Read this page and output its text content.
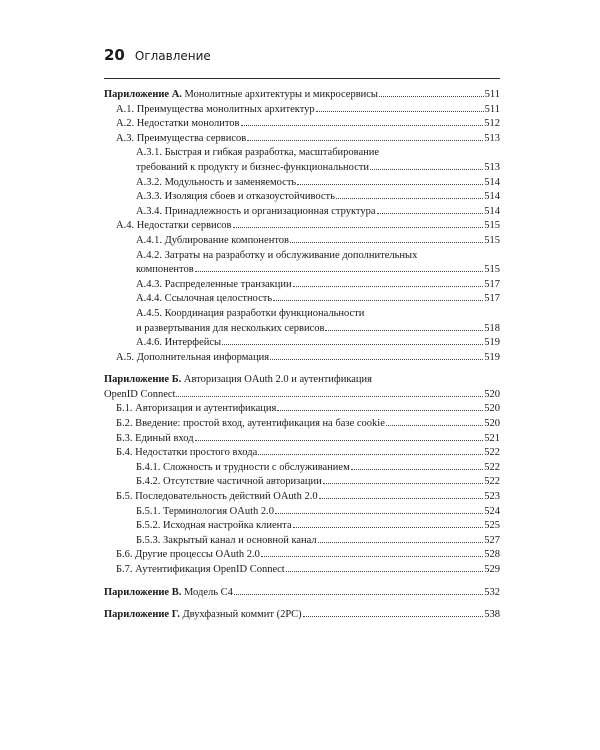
20 Оглавление
Париложение А. Монолитные архитектуры и микросервисы	511
А.1. Преимущества монолитных архитектур	511
А.2. Недостатки монолитов	512
А.3. Преимущества сервисов	513
А.3.1. Быстрая и гибкая разработка, масштабирование
требований к продукту и бизнес-функциональности	513
А.3.2. Модульность и заменяемость	514
А.3.3. Изоляция сбоев и отказоустойчивость	514
А.3.4. Принадлежность и организационная структура	514
А.4. Недостатки сервисов	515
А.4.1. Дублирование компонентов	515
А.4.2. Затраты на разработку и обслуживание дополнительных
компонентов	515
А.4.3. Распределенные транзакции	517
А.4.4. Ссылочная целостность	517
А.4.5. Координация разработки функциональности
и развертывания для нескольких сервисов	518
А.4.6. Интерфейсы	519
А.5. Дополнительная информация	519
Париложение Б. Авторизация OAuth 2.0 и аутентификация
OpenID Connect	520
Б.1. Авторизация и аутентификация	520
Б.2. Введение: простой вход, аутентификация на базе cookie	520
Б.3. Единый вход	521
Б.4. Недостатки простого входа	522
Б.4.1. Сложность и трудности с обслуживанием	522
Б.4.2. Отсутствие частичной авторизации	522
Б.5. Последовательность действий OAuth 2.0	523
Б.5.1. Терминология OAuth 2.0	524
Б.5.2. Исходная настройка клиента	525
Б.5.3. Закрытый канал и основной канал	527
Б.6. Другие процессы OAuth 2.0	528
Б.7. Аутентификация OpenID Connect	529
Париложение В. Модель C4	532
Париложение Г. Двухфазный коммит (2PC)	538
